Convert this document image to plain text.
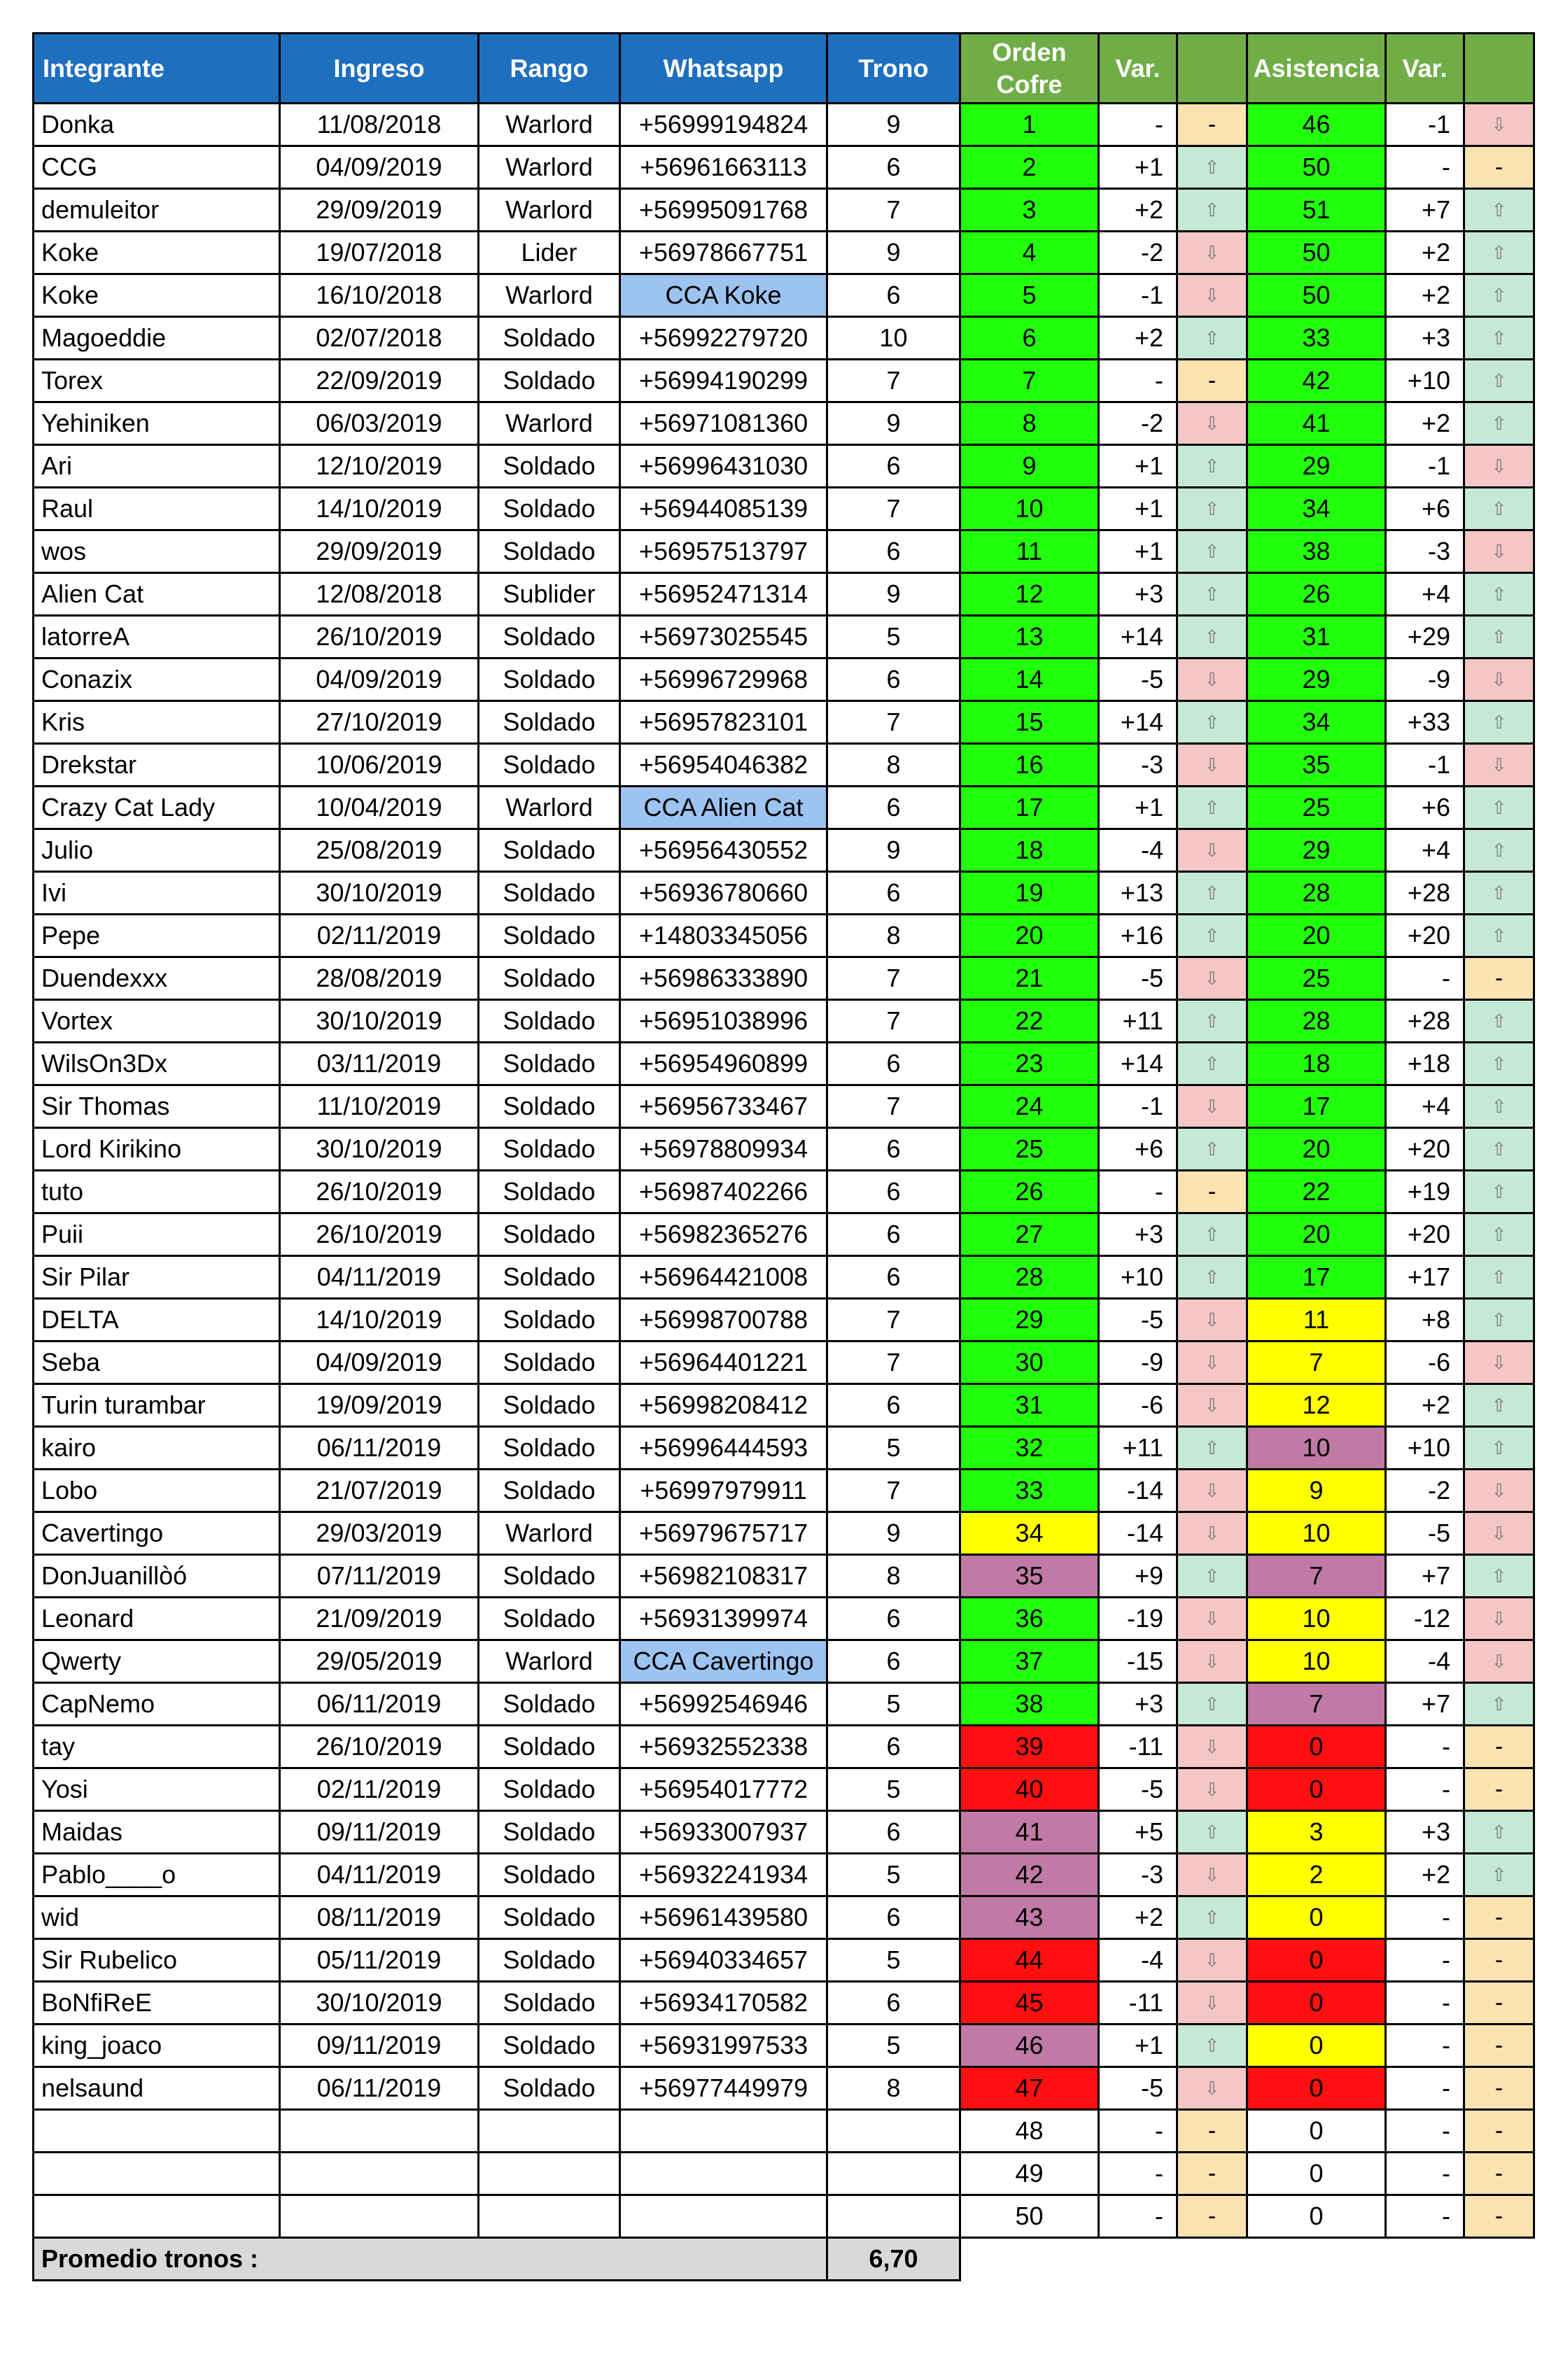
Integrante	Ingreso	Rango	Whatsapp	Trono	Orden Cofre	Var.		Asistencia	Var.	
Donka	11/08/2018	Warlord	+56999194824	9	1	-	-	46	-1	⇩
CCG	04/09/2019	Warlord	+56961663113	6	2	+1	⇧	50	-	-
demuleitor	29/09/2019	Warlord	+56995091768	7	3	+2	⇧	51	+7	⇧
Koke	19/07/2018	Lider	+56978667751	9	4	-2	⇩	50	+2	⇧
Koke	16/10/2018	Warlord	CCA Koke	6	5	-1	⇩	50	+2	⇧
Magoeddie	02/07/2018	Soldado	+56992279720	10	6	+2	⇧	33	+3	⇧
Torex	22/09/2019	Soldado	+56994190299	7	7	-	-	42	+10	⇧
Yehiniken	06/03/2019	Warlord	+56971081360	9	8	-2	⇩	41	+2	⇧
Ari	12/10/2019	Soldado	+56996431030	6	9	+1	⇧	29	-1	⇩
Raul	14/10/2019	Soldado	+56944085139	7	10	+1	⇧	34	+6	⇧
wos	29/09/2019	Soldado	+56957513797	6	11	+1	⇧	38	-3	⇩
Alien Cat	12/08/2018	Sublider	+56952471314	9	12	+3	⇧	26	+4	⇧
latorreA	26/10/2019	Soldado	+56973025545	5	13	+14	⇧	31	+29	⇧
Conazix	04/09/2019	Soldado	+56996729968	6	14	-5	⇩	29	-9	⇩
Kris	27/10/2019	Soldado	+56957823101	7	15	+14	⇧	34	+33	⇧
Drekstar	10/06/2019	Soldado	+56954046382	8	16	-3	⇩	35	-1	⇩
Crazy Cat Lady	10/04/2019	Warlord	CCA Alien Cat	6	17	+1	⇧	25	+6	⇧
Julio	25/08/2019	Soldado	+56956430552	9	18	-4	⇩	29	+4	⇧
Ivi	30/10/2019	Soldado	+56936780660	6	19	+13	⇧	28	+28	⇧
Pepe	02/11/2019	Soldado	+14803345056	8	20	+16	⇧	20	+20	⇧
Duendexxx	28/08/2019	Soldado	+56986333890	7	21	-5	⇩	25	-	-
Vortex	30/10/2019	Soldado	+56951038996	7	22	+11	⇧	28	+28	⇧
WilsOn3Dx	03/11/2019	Soldado	+56954960899	6	23	+14	⇧	18	+18	⇧
Sir Thomas	11/10/2019	Soldado	+56956733467	7	24	-1	⇩	17	+4	⇧
Lord Kirikino	30/10/2019	Soldado	+56978809934	6	25	+6	⇧	20	+20	⇧
tuto	26/10/2019	Soldado	+56987402266	6	26	-	-	22	+19	⇧
Puii	26/10/2019	Soldado	+56982365276	6	27	+3	⇧	20	+20	⇧
Sir Pilar	04/11/2019	Soldado	+56964421008	6	28	+10	⇧	17	+17	⇧
DELTA	14/10/2019	Soldado	+56998700788	7	29	-5	⇩	11	+8	⇧
Seba	04/09/2019	Soldado	+56964401221	7	30	-9	⇩	7	-6	⇩
Turin turambar	19/09/2019	Soldado	+56998208412	6	31	-6	⇩	12	+2	⇧
kairo	06/11/2019	Soldado	+56996444593	5	32	+11	⇧	10	+10	⇧
Lobo	21/07/2019	Soldado	+56997979911	7	33	-14	⇩	9	-2	⇩
Cavertingo	29/03/2019	Warlord	+56979675717	9	34	-14	⇩	10	-5	⇩
DonJuanillòó	07/11/2019	Soldado	+56982108317	8	35	+9	⇧	7	+7	⇧
Leonard	21/09/2019	Soldado	+56931399974	6	36	-19	⇩	10	-12	⇩
Qwerty	29/05/2019	Warlord	CCA Cavertingo	6	37	-15	⇩	10	-4	⇩
CapNemo	06/11/2019	Soldado	+56992546946	5	38	+3	⇧	7	+7	⇧
tay	26/10/2019	Soldado	+56932552338	6	39	-11	⇩	0	-	-
Yosi	02/11/2019	Soldado	+56954017772	5	40	-5	⇩	0	-	-
Maidas	09/11/2019	Soldado	+56933007937	6	41	+5	⇧	3	+3	⇧
Pablo____o	04/11/2019	Soldado	+56932241934	5	42	-3	⇩	2	+2	⇧
wid	08/11/2019	Soldado	+56961439580	6	43	+2	⇧	0	-	-
Sir Rubelico	05/11/2019	Soldado	+56940334657	5	44	-4	⇩	0	-	-
BoNfiReE	30/10/2019	Soldado	+56934170582	6	45	-11	⇩	0	-	-
king_joaco	09/11/2019	Soldado	+56931997533	5	46	+1	⇧	0	-	-
nelsaund	06/11/2019	Soldado	+56977449979	8	47	-5	⇩	0	-	-
					48	-	-	0	-	-
					49	-	-	0	-	-
					50	-	-	0	-	-
Promedio tronos :				6,70						
